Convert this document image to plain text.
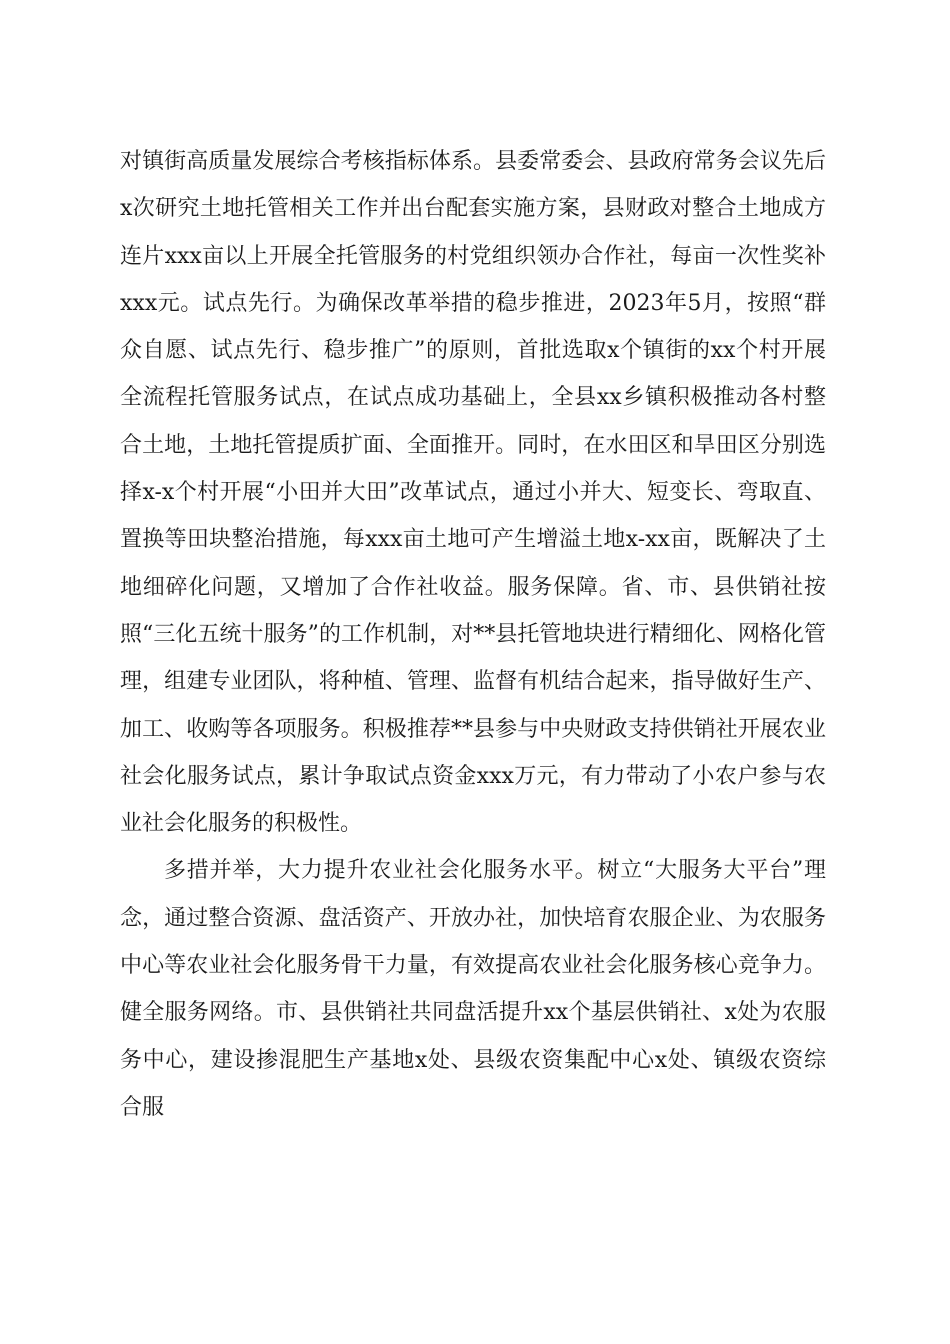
对镇街高质量发展综合考核指标体系。县委常委会、县政府常务会议先后x次研究土地托管相关工作并出台配套实施方案，县财政对整合土地成方连片xxx亩以上开展全托管服务的村党组织领办合作社，每亩一次性奖补xxx元。试点先行。为确保改革举措的稳步推进，2023年5月，按照“群众自愿、试点先行、稳步推广”的原则，首批选取x个镇街的xx个村开展全流程托管服务试点，在试点成功基础上，全县xx乡镇积极推动各村整合土地，土地托管提质扩面、全面推开。同时，在水田区和旱田区分别选择x-x个村开展“小田并大田”改革试点，通过小并大、短变长、弯取直、置换等田块整治措施，每xxx亩土地可产生增溢土地x-xx亩，既解决了土地细碎化问题，又增加了合作社收益。服务保障。省、市、县供销社按照“三化五统十服务”的工作机制，对**县托管地块进行精细化、网格化管理，组建专业团队，将种植、管理、监督有机结合起来，指导做好生产、加工、收购等各项服务。积极推荐**县参与中央财政支持供销社开展农业社会化服务试点，累计争取试点资金xxx万元，有力带动了小农户参与农业社会化服务的积极性。

多措并举，大力提升农业社会化服务水平。树立“大服务大平台”理念，通过整合资源、盘活资产、开放办社，加快培育农服企业、为农服务中心等农业社会化服务骨干力量，有效提高农业社会化服务核心竞争力。健全服务网络。市、县供销社共同盘活提升xx个基层供销社、x处为农服务中心，建设掺混肥生产基地x处、县级农资集配中心x处、镇级农资综合服
